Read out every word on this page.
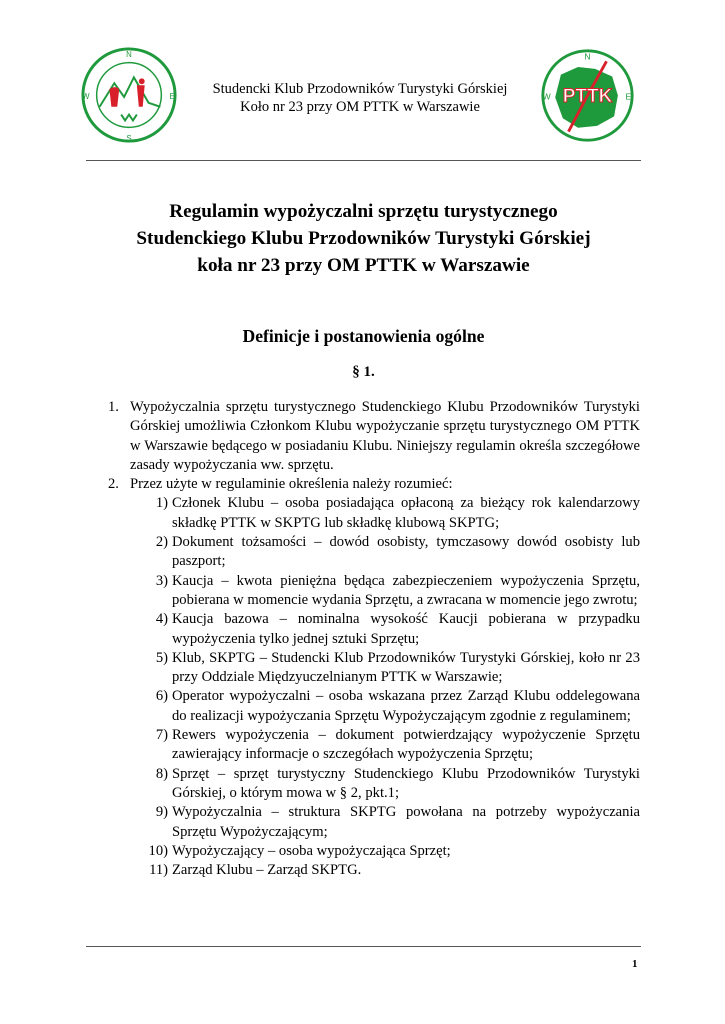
N
E
S
W	Studencki Klub Przodowników Turystyki Górskiej
Koło nr 23 przy OM PTTK w Warszawie
N
E
W PTTK
Regulamin wypożyczalni sprzętu turystycznego
Studenckiego Klubu Przodowników Turystyki Górskiej
koła nr 23 przy OM PTTK w Warszawie
Definicje i postanowienia ogólne
§ 1.
1. Wypożyczalnia sprzętu turystycznego Studenckiego Klubu Przodowników Turystyki Górskiej umożliwia Członkom Klubu wypożyczanie sprzętu turystycznego OM PTTK w Warszawie będącego w posiadaniu Klubu. Niniejszy regulamin określa szczegółowe zasady wypożyczania ww. sprzętu.
2. Przez użyte w regulaminie określenia należy rozumieć:
1) Członek Klubu – osoba posiadająca opłaconą za bieżący rok kalendarzowy składkę PTTK w SKPTG lub składkę klubową SKPTG;
2) Dokument tożsamości – dowód osobisty, tymczasowy dowód osobisty lub paszport;
3) Kaucja – kwota pieniężna będąca zabezpieczeniem wypożyczenia Sprzętu, pobierana w momencie wydania Sprzętu, a zwracana w momencie jego zwrotu;
4) Kaucja bazowa – nominalna wysokość Kaucji pobierana w przypadku wypożyczenia tylko jednej sztuki Sprzętu;
5) Klub, SKPTG – Studencki Klub Przodowników Turystyki Górskiej, koło nr 23 przy Oddziale Międzyuczelnianym PTTK w Warszawie;
6) Operator wypożyczalni – osoba wskazana przez Zarząd Klubu oddelegowana do realizacji wypożyczania Sprzętu Wypożyczającym zgodnie z regulaminem;
7) Rewers wypożyczenia – dokument potwierdzający wypożyczenie Sprzętu zawierający informacje o szczegółach wypożyczenia Sprzętu;
8) Sprzęt – sprzęt turystyczny Studenckiego Klubu Przodowników Turystyki Górskiej, o którym mowa w § 2, pkt.1;
9) Wypożyczalnia – struktura SKPTG powołana na potrzeby wypożyczania Sprzętu Wypożyczającym;
10) Wypożyczający – osoba wypożyczająca Sprzęt;
11) Zarząd Klubu – Zarząd SKPTG.
1
